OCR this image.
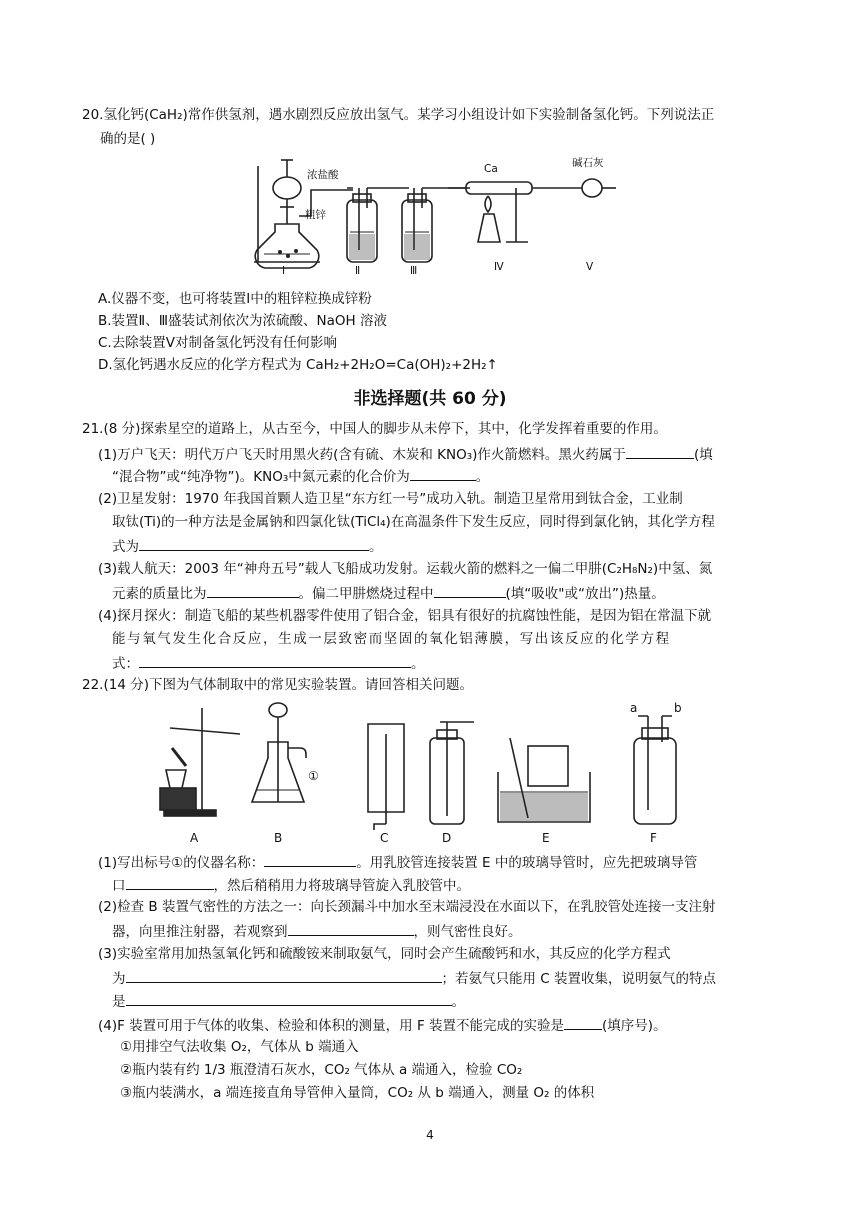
20.氢化钙(CaH₂)常作供氢剂，遇水剧烈反应放出氢气。某学习小组设计如下实验制备氢化钙。下列说法正
确的是( )
浓盐酸
粗锌
Ca	碱石灰
Ⅰ	Ⅱ	Ⅲ	Ⅳ	Ⅴ
A.仪器不变，也可将装置Ⅰ中的粗锌粒换成锌粉
B.装置Ⅱ、Ⅲ盛装试剂依次为浓硫酸、NaOH 溶液
C.去除装置Ⅴ对制备氢化钙没有任何影响
D.氢化钙遇水反应的化学方程式为 CaH₂+2H₂O=Ca(OH)₂+2H₂↑
非选择题(共 60 分)
21.(8 分)探索星空的道路上，从古至今，中国人的脚步从未停下，其中，化学发挥着重要的作用。
(1)万户飞天：明代万户飞天时用黑火药(含有硫、木炭和 KNO₃)作火箭燃料。黑火药属于	(填
“混合物”或“纯净物”)。KNO₃中氮元素的化合价为	。
(2)卫星发射：1970 年我国首颗人造卫星“东方红一号”成功入轨。制造卫星常用到钛合金，工业制
取钛(Ti)的一种方法是金属钠和四氯化钛(TiCl₄)在高温条件下发生反应，同时得到氯化钠，其化学方程
式为	。
(3)载人航天：2003 年“神舟五号”载人飞船成功发射。运载火箭的燃料之一偏二甲肼(C₂H₈N₂)中氢、氮
元素的质量比为	。偏二甲肼燃烧过程中	(填“吸收"或“放出”)热量。
(4)探月探火：制造飞船的某些机器零件使用了铝合金，铝具有很好的抗腐蚀性能，是因为铝在常温下就
能与氧气发生化合反应，生成一层致密而坚固的氧化铝薄膜，写出该反应的化学方程
式：	。
22.(14 分)下图为气体制取中的常见实验装置。请回答相关问题。
A	B	C	D	E	F
①
a	b
(1)写出标号①的仪器名称：	。用乳胶管连接装置 E 中的玻璃导管时，应先把玻璃导管
口	，然后稍稍用力将玻璃导管旋入乳胶管中。
(2)检查 B 装置气密性的方法之一：向长颈漏斗中加水至末端浸没在水面以下，在乳胶管处连接一支注射
器，向里推注射器，若观察到	，则气密性良好。
(3)实验室常用加热氢氧化钙和硫酸铵来制取氨气，同时会产生硫酸钙和水，其反应的化学方程式
为	；若氨气只能用 C 装置收集，说明氨气的特点
是	。
(4)F 装置可用于气体的收集、检验和体积的测量，用 F 装置不能完成的实验是	(填序号)。
①用排空气法收集 O₂，气体从 b 端通入
②瓶内装有约 1/3 瓶澄清石灰水，CO₂ 气体从 a 端通入，检验 CO₂
③瓶内装满水，a 端连接直角导管伸入量筒，CO₂ 从 b 端通入，测量 O₂ 的体积
4
